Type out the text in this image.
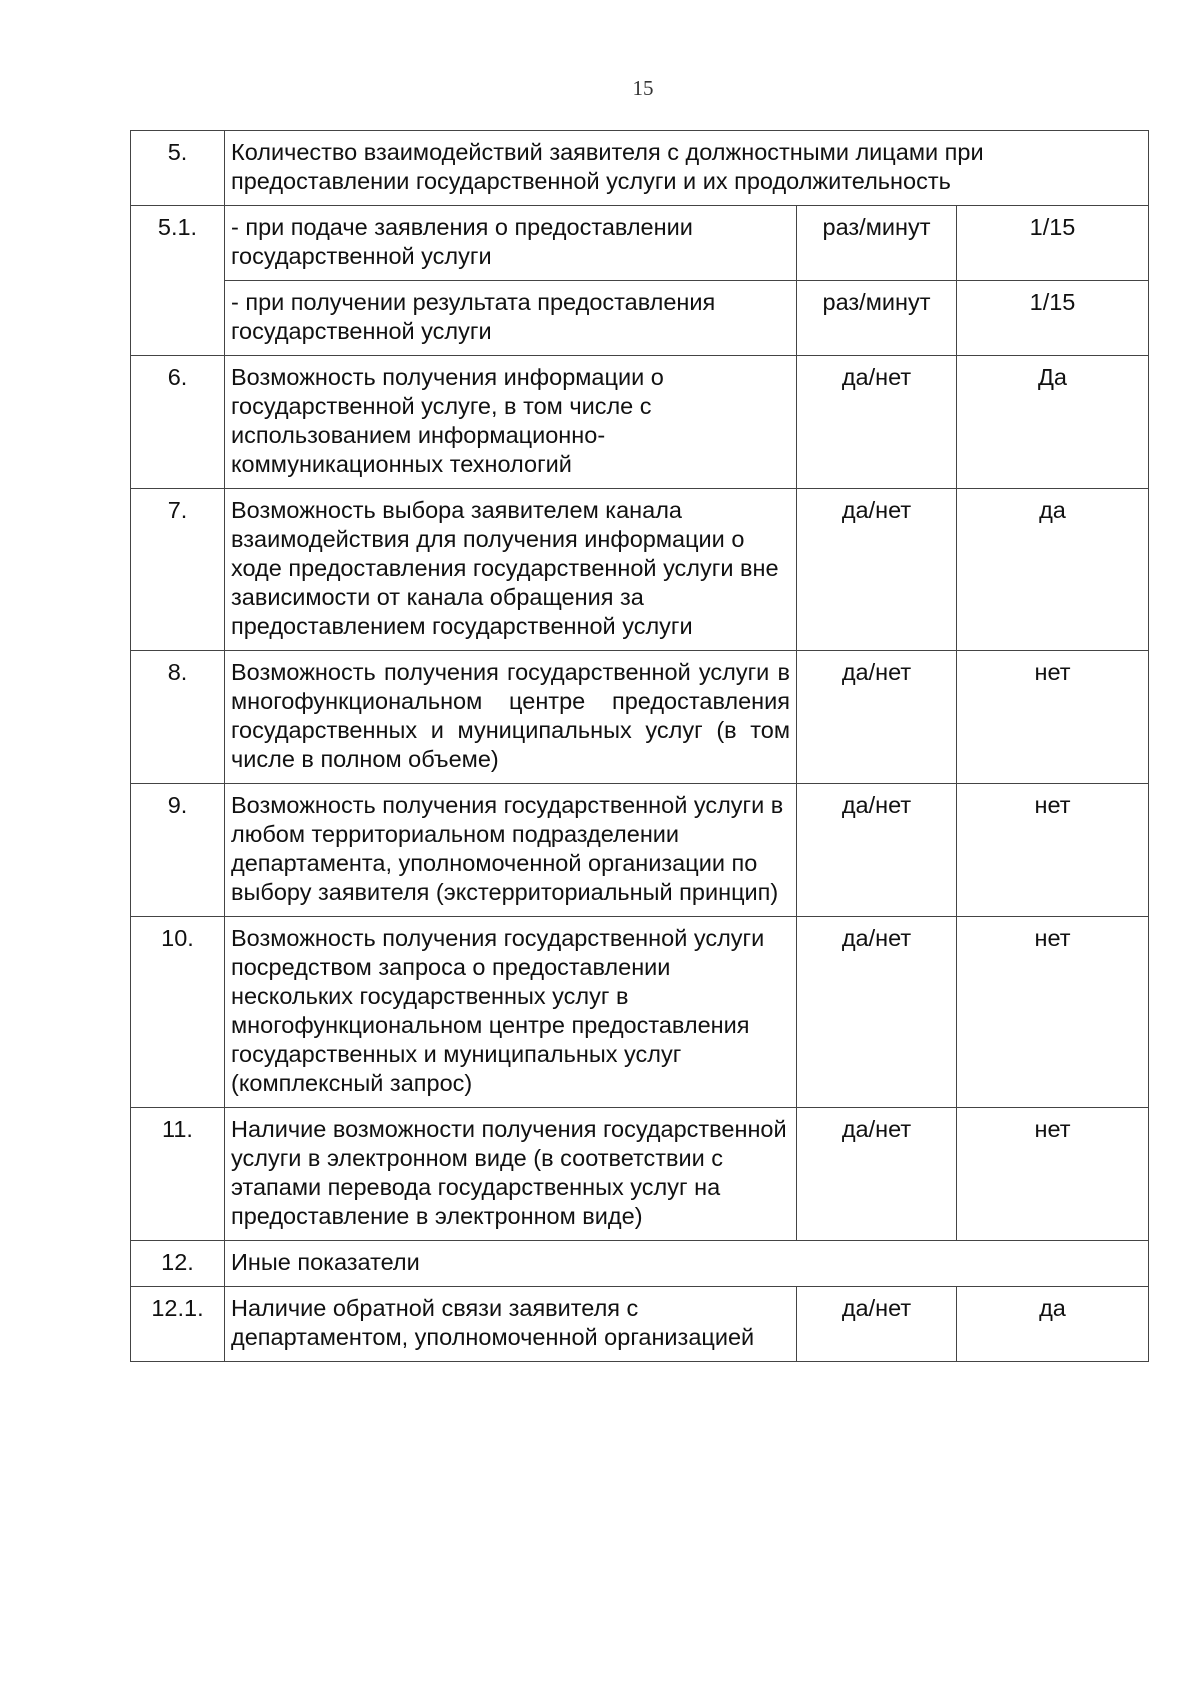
15
5.	Количество взаимодействий заявителя с должностными лицами при предоставлении государственной услуги и их продолжительность		
5.1.	- при подаче заявления о предоставлении государственной услуги	раз/минут	1/15
	- при получении результата предоставления государственной услуги	раз/минут	1/15
6.	Возможность получения информации о государственной услуге, в том числе с использованием информационно-коммуникационных технологий	да/нет	Да
7.	Возможность выбора заявителем канала взаимодействия для получения информации о ходе предоставления государственной услуги вне зависимости от канала обращения за предоставлением государственной услуги	да/нет	да
8.	Возможность получения государственной услуги в многофункциональном центре предоставления государственных и муниципальных услуг (в том числе в полном объеме)	да/нет	нет
9.	Возможность получения государственной услуги в любом территориальном подразделении департамента, уполномоченной организации по выбору заявителя (экстерриториальный принцип)	да/нет	нет
10.	Возможность получения государственной услуги посредством запроса о предоставлении нескольких государственных услуг в многофункциональном центре предоставления государственных и муниципальных услуг (комплексный запрос)	да/нет	нет
11.	Наличие возможности получения государственной услуги в электронном виде (в соответствии с этапами перевода государственных услуг на предоставление в электронном виде)	да/нет	нет
12.	Иные показатели		
12.1.	Наличие обратной связи заявителя с департаментом, уполномоченной организацией	да/нет	да
